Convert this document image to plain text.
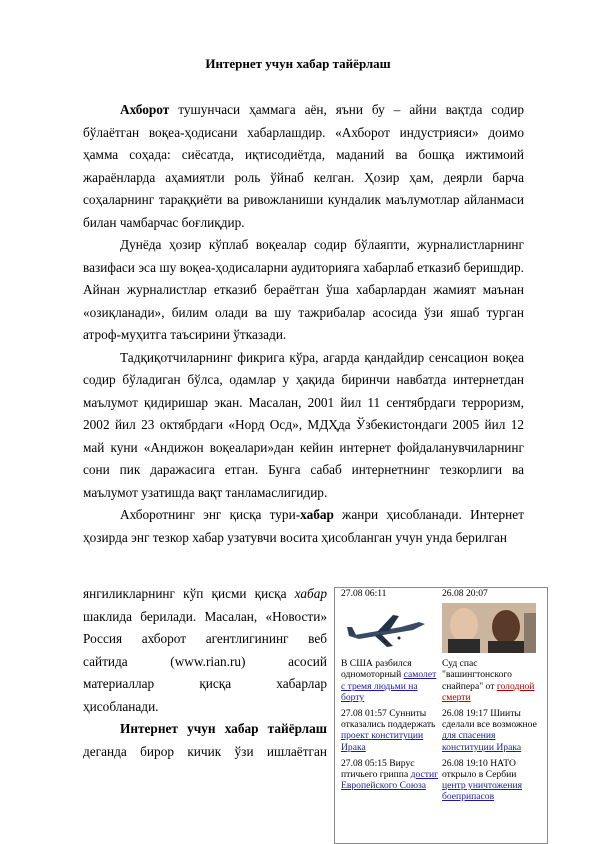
Интернет учун хабар тайёрлаш

Ахборот тушунчаси ҳаммага аён, яъни бу – айни вақтда содир бўлаётган воқеа-ҳодисани хабарлашдир. «Ахборот индустрияси» доимо ҳамма соҳада: сиёсатда, иқтисодиётда, маданий ва бошқа ижтимоий жараёнларда аҳамиятли роль ўйнаб келган. Ҳозир ҳам, деярли барча соҳаларнинг тараққиёти ва ривожланиши кундалик маълумотлар айланмаси билан чамбарчас боғлиқдир.

Дунёда ҳозир кўплаб воқеалар содир бўлаяпти, журналистларнинг вазифаси эса шу воқеа-ҳодисаларни аудиторияга хабарлаб етказиб беришдир. Айнан журналистлар етказиб бераётган ўша хабарлардан жамият маънан «озиқланади», билим олади ва шу тажрибалар асосида ўзи яшаб турган атроф-муҳитга таъсирини ўтказади.

Тадқиқотчиларнинг фикрига кўра, агарда қандайдир сенсацион воқеа содир бўладиган бўлса, одамлар у ҳақида биринчи навбатда интернетдан маълумот қидиришар экан. Масалан, 2001 йил 11 сентябрдаги терроризм, 2002 йил 23 октябрдаги «Норд Осд», МДҲда Ўзбекистондаги 2005 йил 12 май куни «Андижон воқеалари»дан кейин интернет фойдаланувчиларнинг сони пик даражасига етган. Бунга сабаб интернетнинг тезкорлиги ва маълумот узатишда вақт танламаслигидир.

Ахборотнинг энг қисқа тури-хабар жанри ҳисобланади. Интернет ҳозирда энг тезкор хабар узатувчи восита ҳисобланган учун унда берилган

янгиликларнинг кўп қисми қисқа хабар

шаклида берилади. Масалан, «Новости»

Россия ахборот агентлигининг веб

сайтида (www.rian.ru) асосий

материаллар қисқа хабарлар

ҳисобланади.

Интернет учун хабар тайёрлаш

деганда бирор кичик ўзи ишлаётган

27.08 06:11
В США разбился одномоторный самолет с тремя людьми на борту
27.08 01:57 Сунниты отказались поддержать проект конституции Ирака
27.08 05:15 Вирус птичьего гриппа достиг Европейского Союза
26.08 20:07
Суд спас "вашингтонского снайпера" от голодной смерти
26.08 19:17 Шииты сделали все возможное для спасения конституции Ирака
26.08 19:10 НАТО открыло в Сербии центр уничтожения боеприпасов
